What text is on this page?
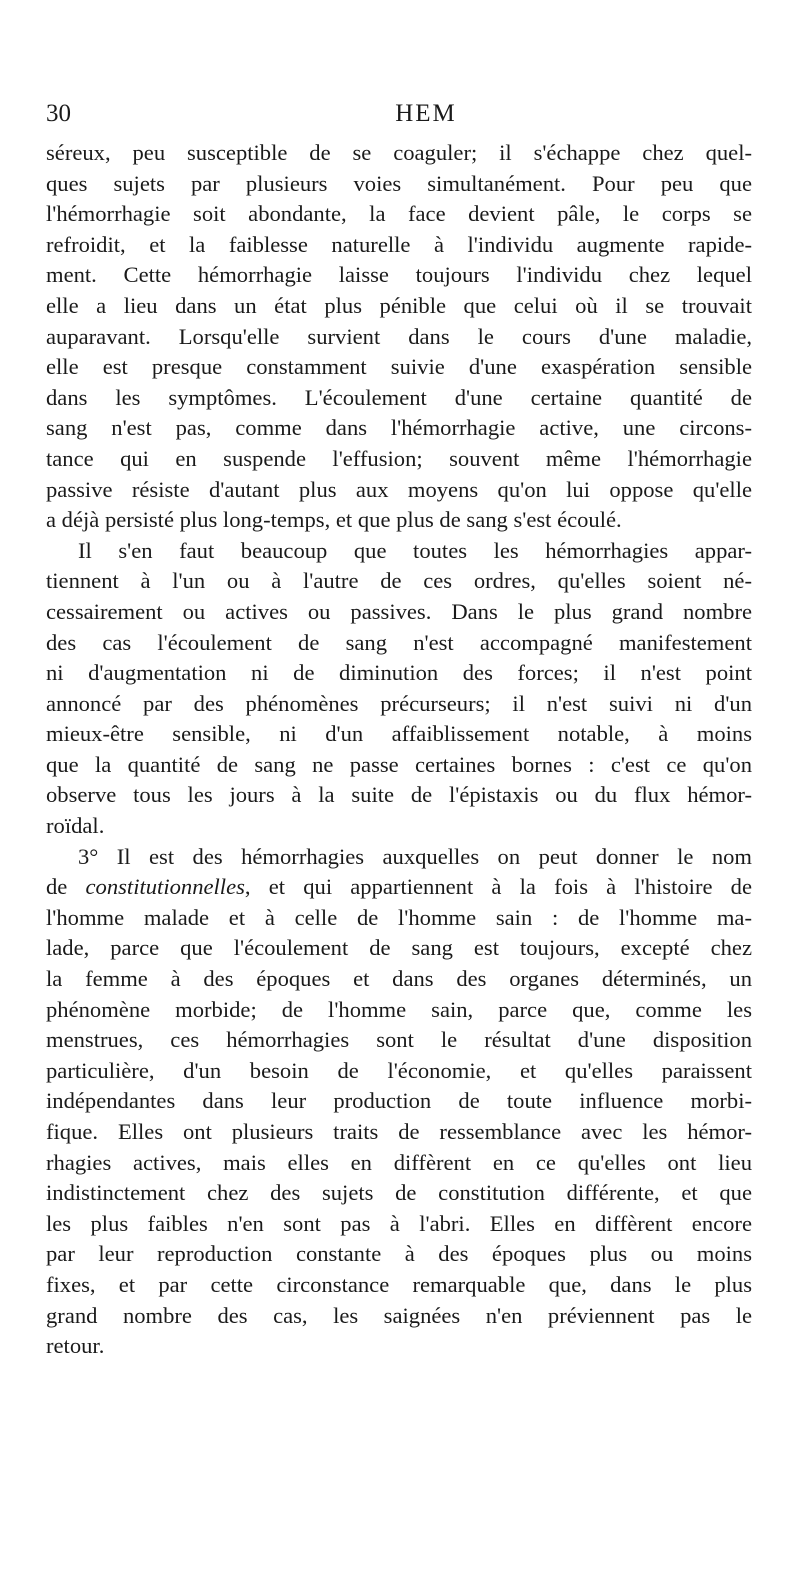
30	HEM
séreux, peu susceptible de se coaguler; il s'échappe chez quel-
ques sujets par plusieurs voies simultanément. Pour peu que
l'hémorrhagie soit abondante, la face devient pâle, le corps se
refroidit, et la faiblesse naturelle à l'individu augmente rapide-
ment. Cette hémorrhagie laisse toujours l'individu chez lequel
elle a lieu dans un état plus pénible que celui où il se trouvait
auparavant. Lorsqu'elle survient dans le cours d'une maladie,
elle est presque constamment suivie d'une exaspération sensible
dans les symptômes. L'écoulement d'une certaine quantité de
sang n'est pas, comme dans l'hémorrhagie active, une circons-
tance qui en suspende l'effusion; souvent même l'hémorrhagie
passive résiste d'autant plus aux moyens qu'on lui oppose qu'elle
a déjà persisté plus long-temps, et que plus de sang s'est écoulé.
Il s'en faut beaucoup que toutes les hémorrhagies appar-
tiennent à l'un ou à l'autre de ces ordres, qu'elles soient né-
cessairement ou actives ou passives. Dans le plus grand nombre
des cas l'écoulement de sang n'est accompagné manifestement
ni d'augmentation ni de diminution des forces; il n'est point
annoncé par des phénomènes précurseurs; il n'est suivi ni d'un
mieux-être sensible, ni d'un affaiblissement notable, à moins
que la quantité de sang ne passe certaines bornes : c'est ce qu'on
observe tous les jours à la suite de l'épistaxis ou du flux hémor-
roïdal.
3° Il est des hémorrhagies auxquelles on peut donner le nom
de constitutionnelles, et qui appartiennent à la fois à l'histoire de
l'homme malade et à celle de l'homme sain : de l'homme ma-
lade, parce que l'écoulement de sang est toujours, excepté chez
la femme à des époques et dans des organes déterminés, un
phénomène morbide; de l'homme sain, parce que, comme les
menstrues, ces hémorrhagies sont le résultat d'une disposition
particulière, d'un besoin de l'économie, et qu'elles paraissent
indépendantes dans leur production de toute influence morbi-
fique. Elles ont plusieurs traits de ressemblance avec les hémor-
rhagies actives, mais elles en diffèrent en ce qu'elles ont lieu
indistinctement chez des sujets de constitution différente, et que
les plus faibles n'en sont pas à l'abri. Elles en diffèrent encore
par leur reproduction constante à des époques plus ou moins
fixes, et par cette circonstance remarquable que, dans le plus
grand nombre des cas, les saignées n'en préviennent pas le
retour.
